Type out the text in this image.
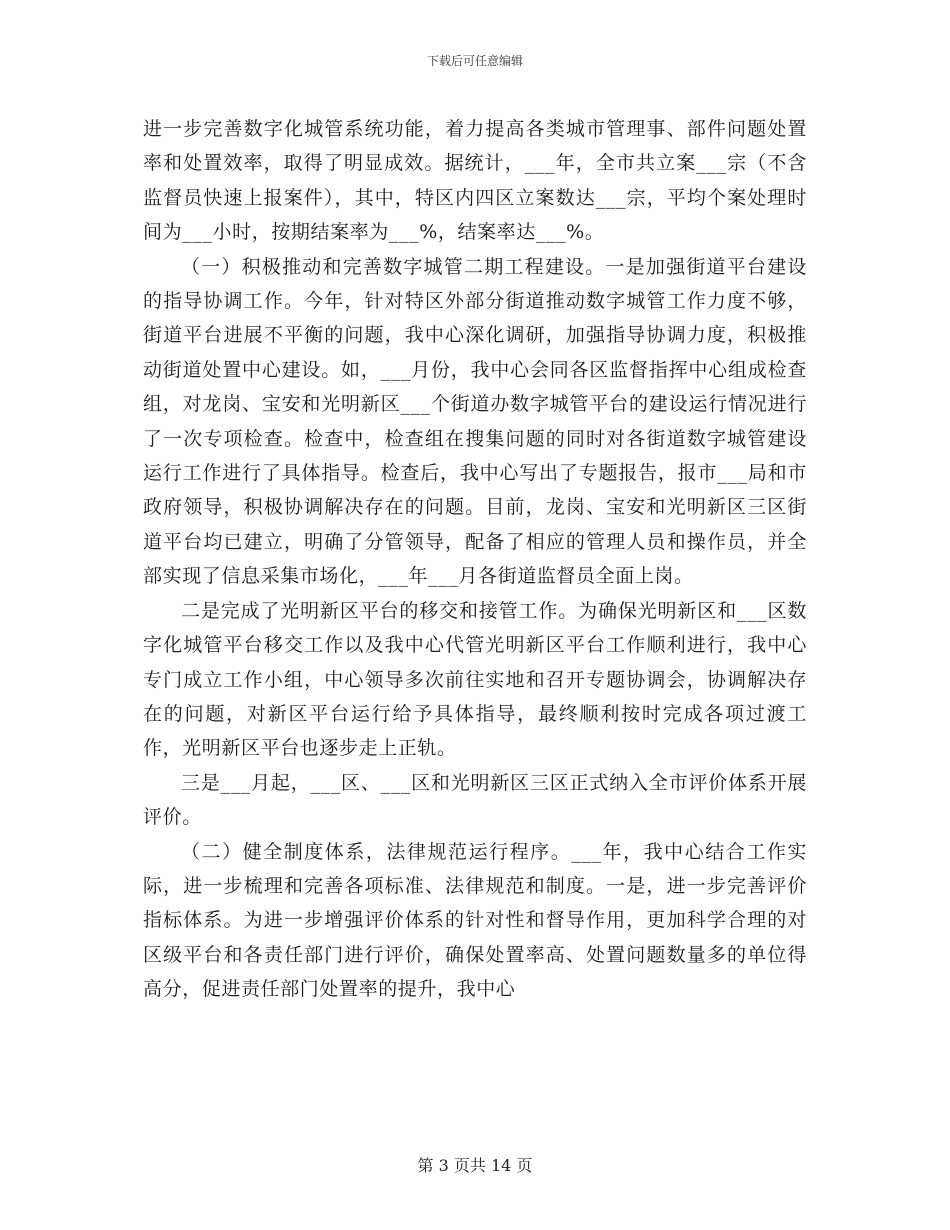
下载后可任意编辑

进一步完善数字化城管系统功能，着力提高各类城市管理事、部件问题处置率和处置效率，取得了明显成效。据统计，___年，全市共立案___宗（不含监督员快速上报案件），其中，特区内四区立案数达___宗，平均个案处理时间为___小时，按期结案率为___%，结案率达___%。

（一）积极推动和完善数字城管二期工程建设。一是加强街道平台建设的指导协调工作。今年，针对特区外部分街道推动数字城管工作力度不够，街道平台进展不平衡的问题，我中心深化调研，加强指导协调力度，积极推动街道处置中心建设。如，___月份，我中心会同各区监督指挥中心组成检查组，对龙岗、宝安和光明新区___个街道办数字城管平台的建设运行情况进行了一次专项检查。检查中，检查组在搜集问题的同时对各街道数字城管建设运行工作进行了具体指导。检查后，我中心写出了专题报告，报市___局和市政府领导，积极协调解决存在的问题。目前，龙岗、宝安和光明新区三区街道平台均已建立，明确了分管领导，配备了相应的管理人员和操作员，并全部实现了信息采集市场化，___年___月各街道监督员全面上岗。

二是完成了光明新区平台的移交和接管工作。为确保光明新区和___区数字化城管平台移交工作以及我中心代管光明新区平台工作顺利进行，我中心专门成立工作小组，中心领导多次前往实地和召开专题协调会，协调解决存在的问题，对新区平台运行给予具体指导，最终顺利按时完成各项过渡工作，光明新区平台也逐步走上正轨。

三是___月起，___区、___区和光明新区三区正式纳入全市评价体系开展评价。

（二）健全制度体系，法律规范运行程序。___年，我中心结合工作实际，进一步梳理和完善各项标准、法律规范和制度。一是，进一步完善评价指标体系。为进一步增强评价体系的针对性和督导作用，更加科学合理的对区级平台和各责任部门进行评价，确保处置率高、处置问题数量多的单位得高分，促进责任部门处置率的提升，我中心

第 3 页共 14 页
